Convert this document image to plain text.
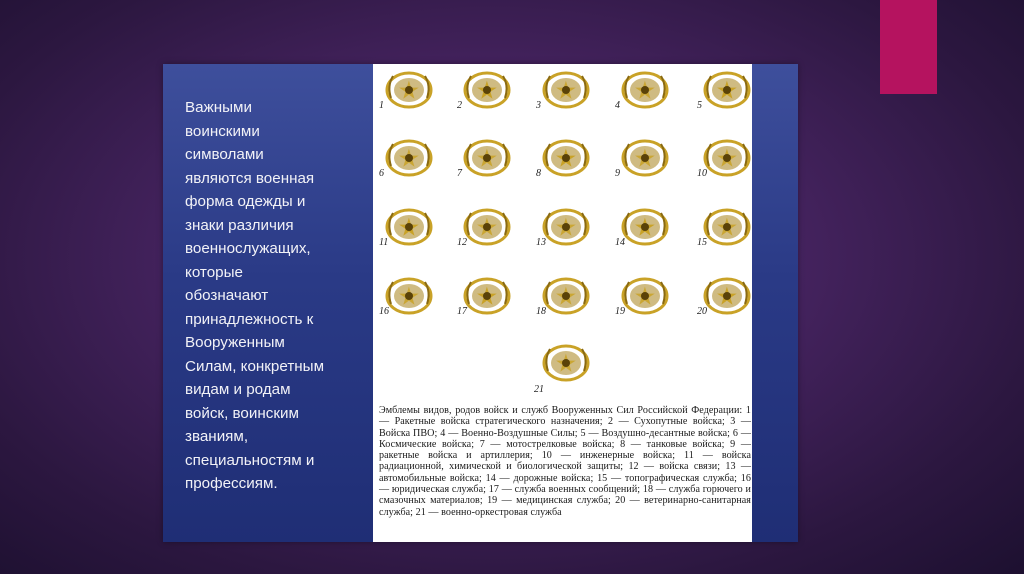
Важными
воинскими
символами
являются военная
форма одежды и
знаки различия
военнослужащих,
которые
обозначают
принадлежность к
Вооруженным
Силам, конкретным
видам и родам
войск, воинским
званиям,
специальностям и
профессиям.
1	2	3	4	5
6	7	8	9	10
11	12	13	14	15
16	17	18	19	20
21
Эмблемы видов, родов войск и служб Вооруженных Сил Российской Федерации: 1 — Ракетные войска стратегического назначения; 2 — Сухопутные войска; 3 — Войска ПВО; 4 — Военно-Воздушные Силы; 5 — Воздушно-десантные войска; 6 — Космические войска; 7 — мотострелковые войска; 8 — танковые войска; 9 — ракетные войска и артиллерия; 10 — инженерные войска; 11 — войска радиационной, химической и биологической защиты; 12 — войска связи; 13 — автомобильные войска; 14 — дорожные войска; 15 — топографическая служба; 16 — юридическая служба; 17 — служба военных сообщений; 18 — служба горючего и смазочных материалов; 19 — медицинская служба; 20 — ветеринарно-санитарная служба; 21 — военно-оркестровая служба
